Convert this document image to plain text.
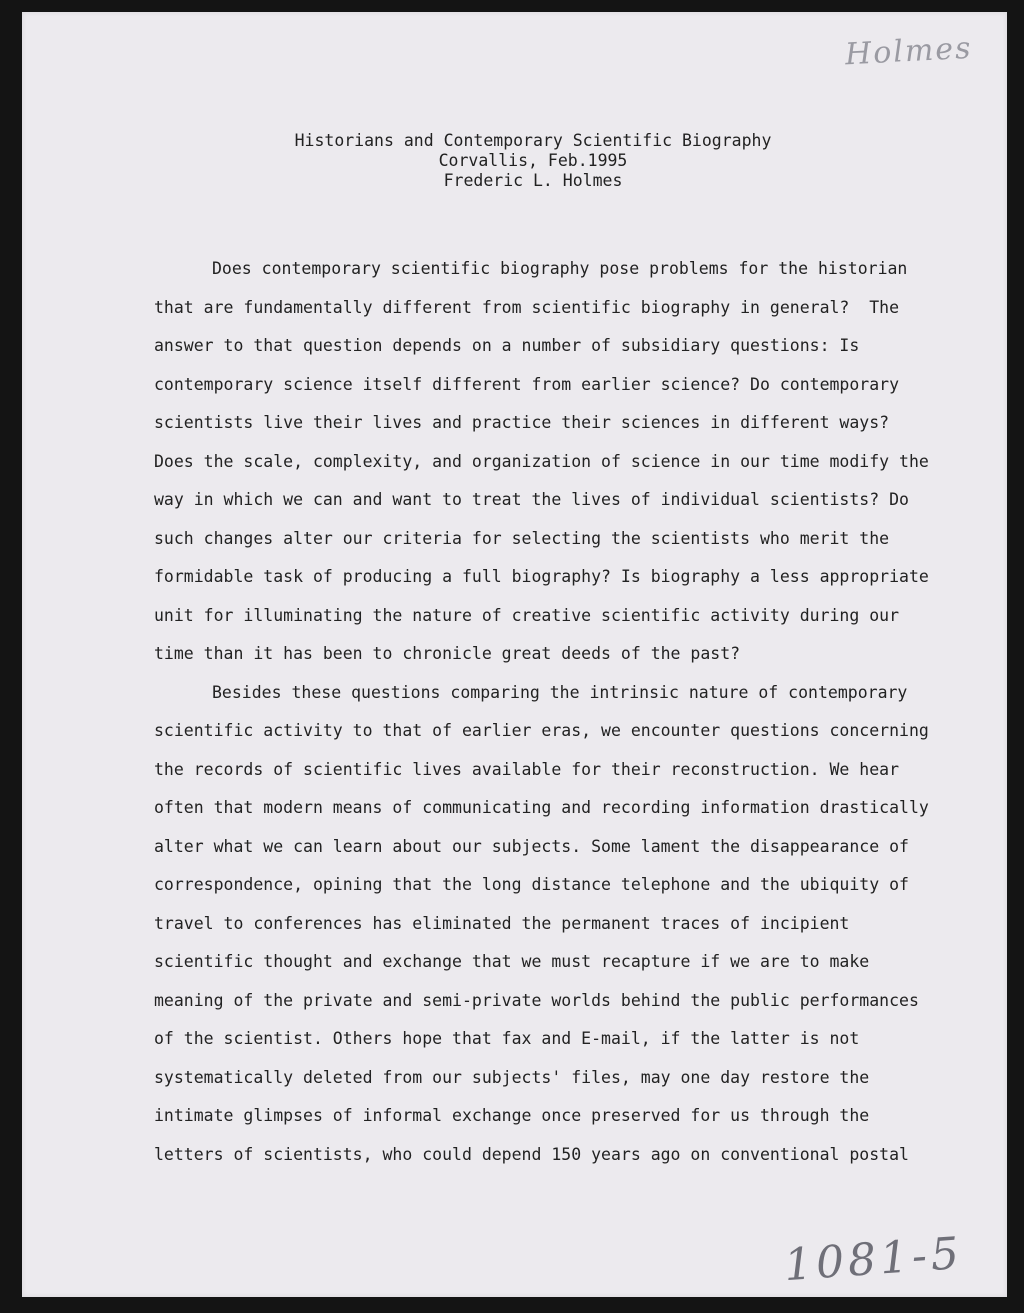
Holmes
Historians and Contemporary Scientific Biography
Corvallis, Feb.1995
Frederic L. Holmes
Does contemporary scientific biography pose problems for the historian
that are fundamentally different from scientific biography in general?  The
answer to that question depends on a number of subsidiary questions: Is
contemporary science itself different from earlier science? Do contemporary
scientists live their lives and practice their sciences in different ways?
Does the scale, complexity, and organization of science in our time modify the
way in which we can and want to treat the lives of individual scientists? Do
such changes alter our criteria for selecting the scientists who merit the
formidable task of producing a full biography? Is biography a less appropriate
unit for illuminating the nature of creative scientific activity during our
time than it has been to chronicle great deeds of the past?
Besides these questions comparing the intrinsic nature of contemporary
scientific activity to that of earlier eras, we encounter questions concerning
the records of scientific lives available for their reconstruction. We hear
often that modern means of communicating and recording information drastically
alter what we can learn about our subjects. Some lament the disappearance of
correspondence, opining that the long distance telephone and the ubiquity of
travel to conferences has eliminated the permanent traces of incipient
scientific thought and exchange that we must recapture if we are to make
meaning of the private and semi-private worlds behind the public performances
of the scientist. Others hope that fax and E-mail, if the latter is not
systematically deleted from our subjects' files, may one day restore the
intimate glimpses of informal exchange once preserved for us through the
letters of scientists, who could depend 150 years ago on conventional postal
1081-5
